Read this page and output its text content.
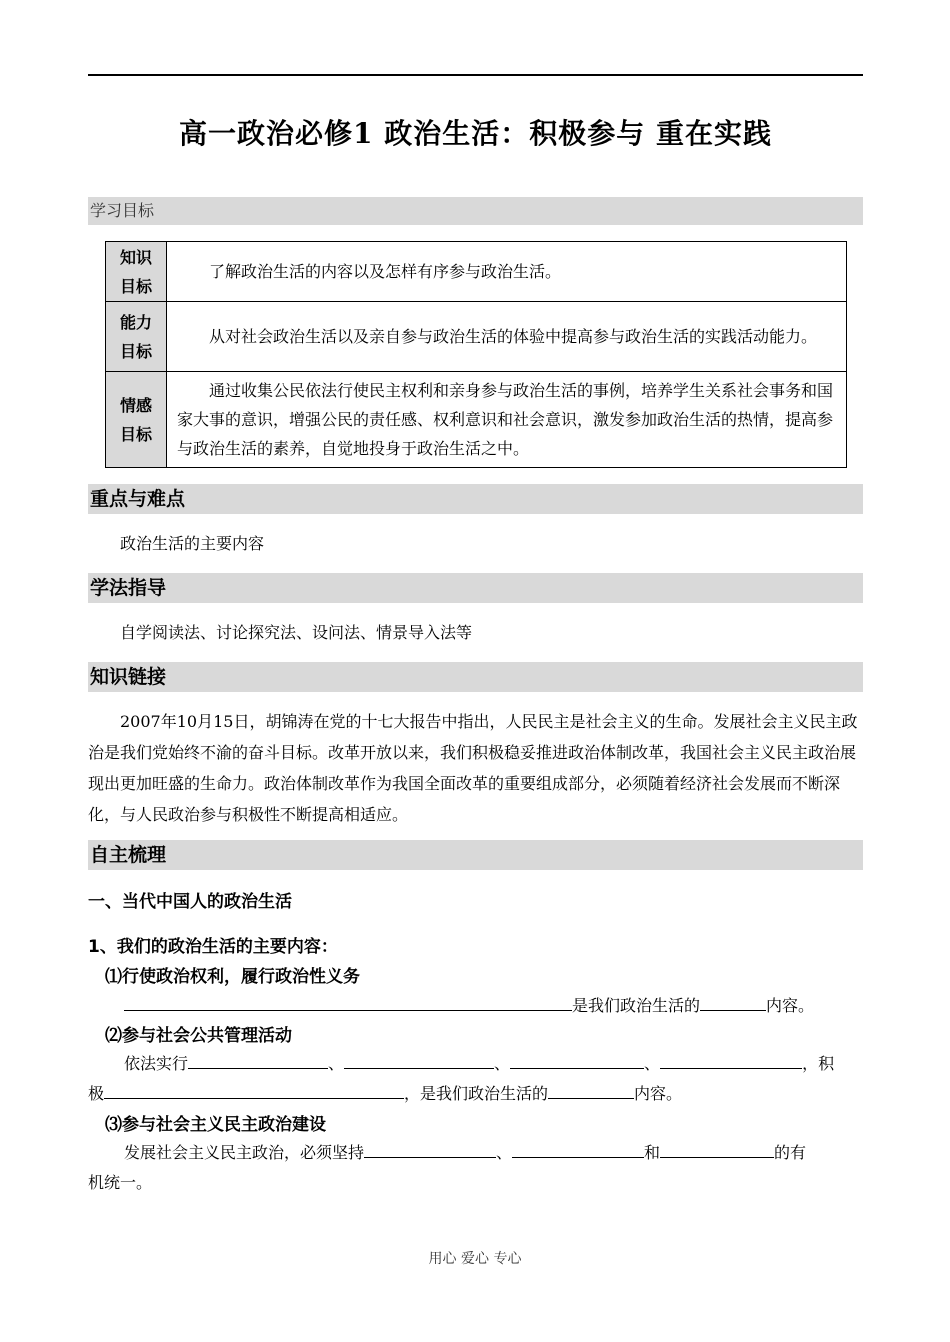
高一政治必修1 政治生活：积极参与 重在实践
学习目标
知识
目标	了解政治生活的内容以及怎样有序参与政治生活。

能力
目标	从对社会政治生活以及亲自参与政治生活的体验中提高参与政治生活的实践活动能力。

情感
目标	通过收集公民依法行使民主权利和亲身参与政治生活的事例，培养学生关系社会事务和国家大事的意识，增强公民的责任感、权利意识和社会意识，激发参加政治生活的热情，提高参与政治生活的素养，自觉地投身于政治生活之中。
重点与难点
政治生活的主要内容
学法指导
自学阅读法、讨论探究法、设问法、情景导入法等
知识链接
2007年10月15日，胡锦涛在党的十七大报告中指出，人民民主是社会主义的生命。发展社会主义民主政治是我们党始终不渝的奋斗目标。改革开放以来，我们积极稳妥推进政治体制改革，我国社会主义民主政治展现出更加旺盛的生命力。政治体制改革作为我国全面改革的重要组成部分，必须随着经济社会发展而不断深化，与人民政治参与积极性不断提高相适应。
自主梳理
一、当代中国人的政治生活
1、我们的政治生活的主要内容：
⑴行使政治权利，履行政治性义务
是我们政治生活的	内容。
⑵参与社会公共管理活动
依法实行	、	、	、	，积
极	，是我们政治生活的	内容。
⑶参与社会主义民主政治建设
发展社会主义民主政治，必须坚持	、	和	的有
机统一。
用心 爱心 专心
